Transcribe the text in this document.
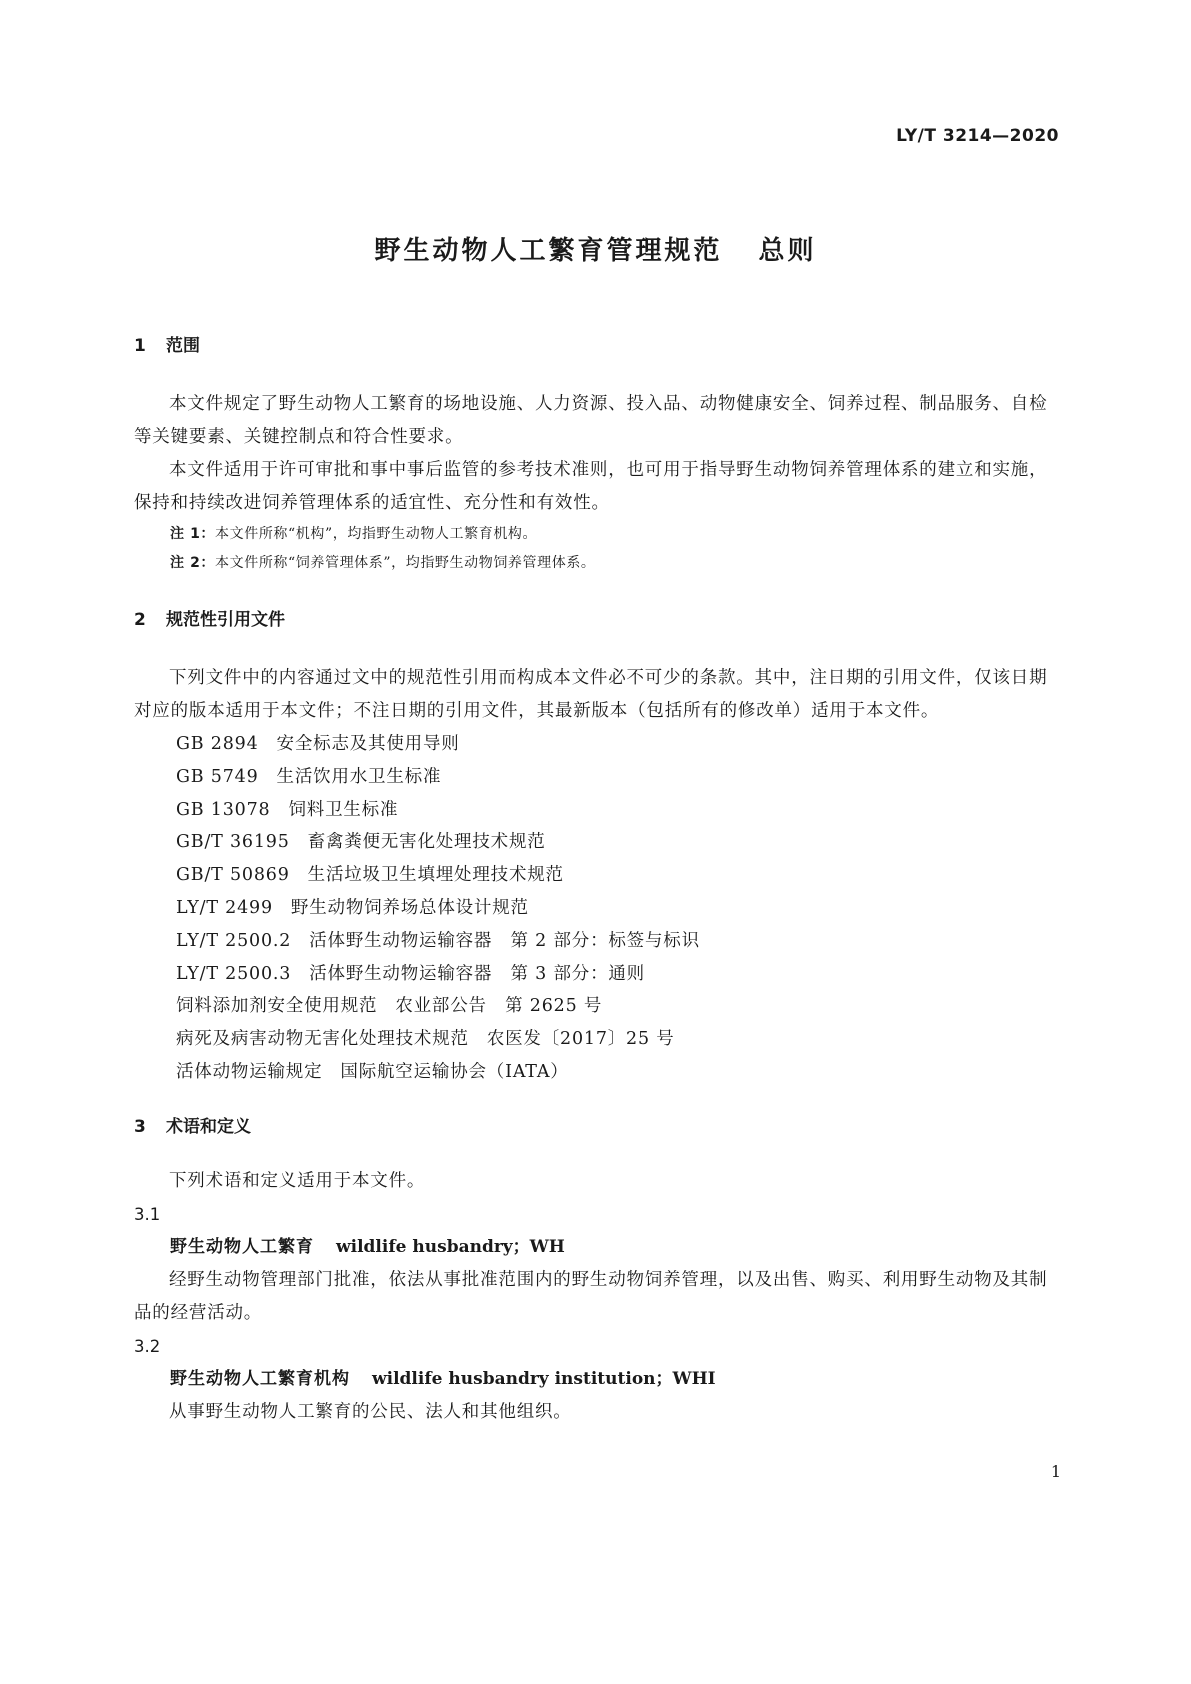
LY/T 3214—2020
野生动物人工繁育管理规范 总则
1 范围

本文件规定了野生动物人工繁育的场地设施、人力资源、投入品、动物健康安全、饲养过程、制品服务、自检等关键要素、关键控制点和符合性要求。

本文件适用于许可审批和事中事后监管的参考技术准则，也可用于指导野生动物饲养管理体系的建立和实施，保持和持续改进饲养管理体系的适宜性、充分性和有效性。

注 1：本文件所称“机构”，均指野生动物人工繁育机构。
注 2：本文件所称“饲养管理体系”，均指野生动物饲养管理体系。
2 规范性引用文件

下列文件中的内容通过文中的规范性引用而构成本文件必不可少的条款。其中，注日期的引用文件，仅该日期对应的版本适用于本文件；不注日期的引用文件，其最新版本（包括所有的修改单）适用于本文件。

GB 2894 安全标志及其使用导则
GB 5749 生活饮用水卫生标准
GB 13078 饲料卫生标准
GB/T 36195 畜禽粪便无害化处理技术规范
GB/T 50869 生活垃圾卫生填埋处理技术规范
LY/T 2499 野生动物饲养场总体设计规范
LY/T 2500.2 活体野生动物运输容器　第 2 部分：标签与标识
LY/T 2500.3 活体野生动物运输容器　第 3 部分：通则
饲料添加剂安全使用规范 农业部公告　第 2625 号
病死及病害动物无害化处理技术规范 农医发〔2017〕25 号
活体动物运输规定 国际航空运输协会（IATA）
3 术语和定义

下列术语和定义适用于本文件。

3.1
野生动物人工繁育 wildlife husbandry；WH

经野生动物管理部门批准，依法从事批准范围内的野生动物饲养管理，以及出售、购买、利用野生动物及其制品的经营活动。

3.2
野生动物人工繁育机构 wildlife husbandry institution；WHI

从事野生动物人工繁育的公民、法人和其他组织。

1
